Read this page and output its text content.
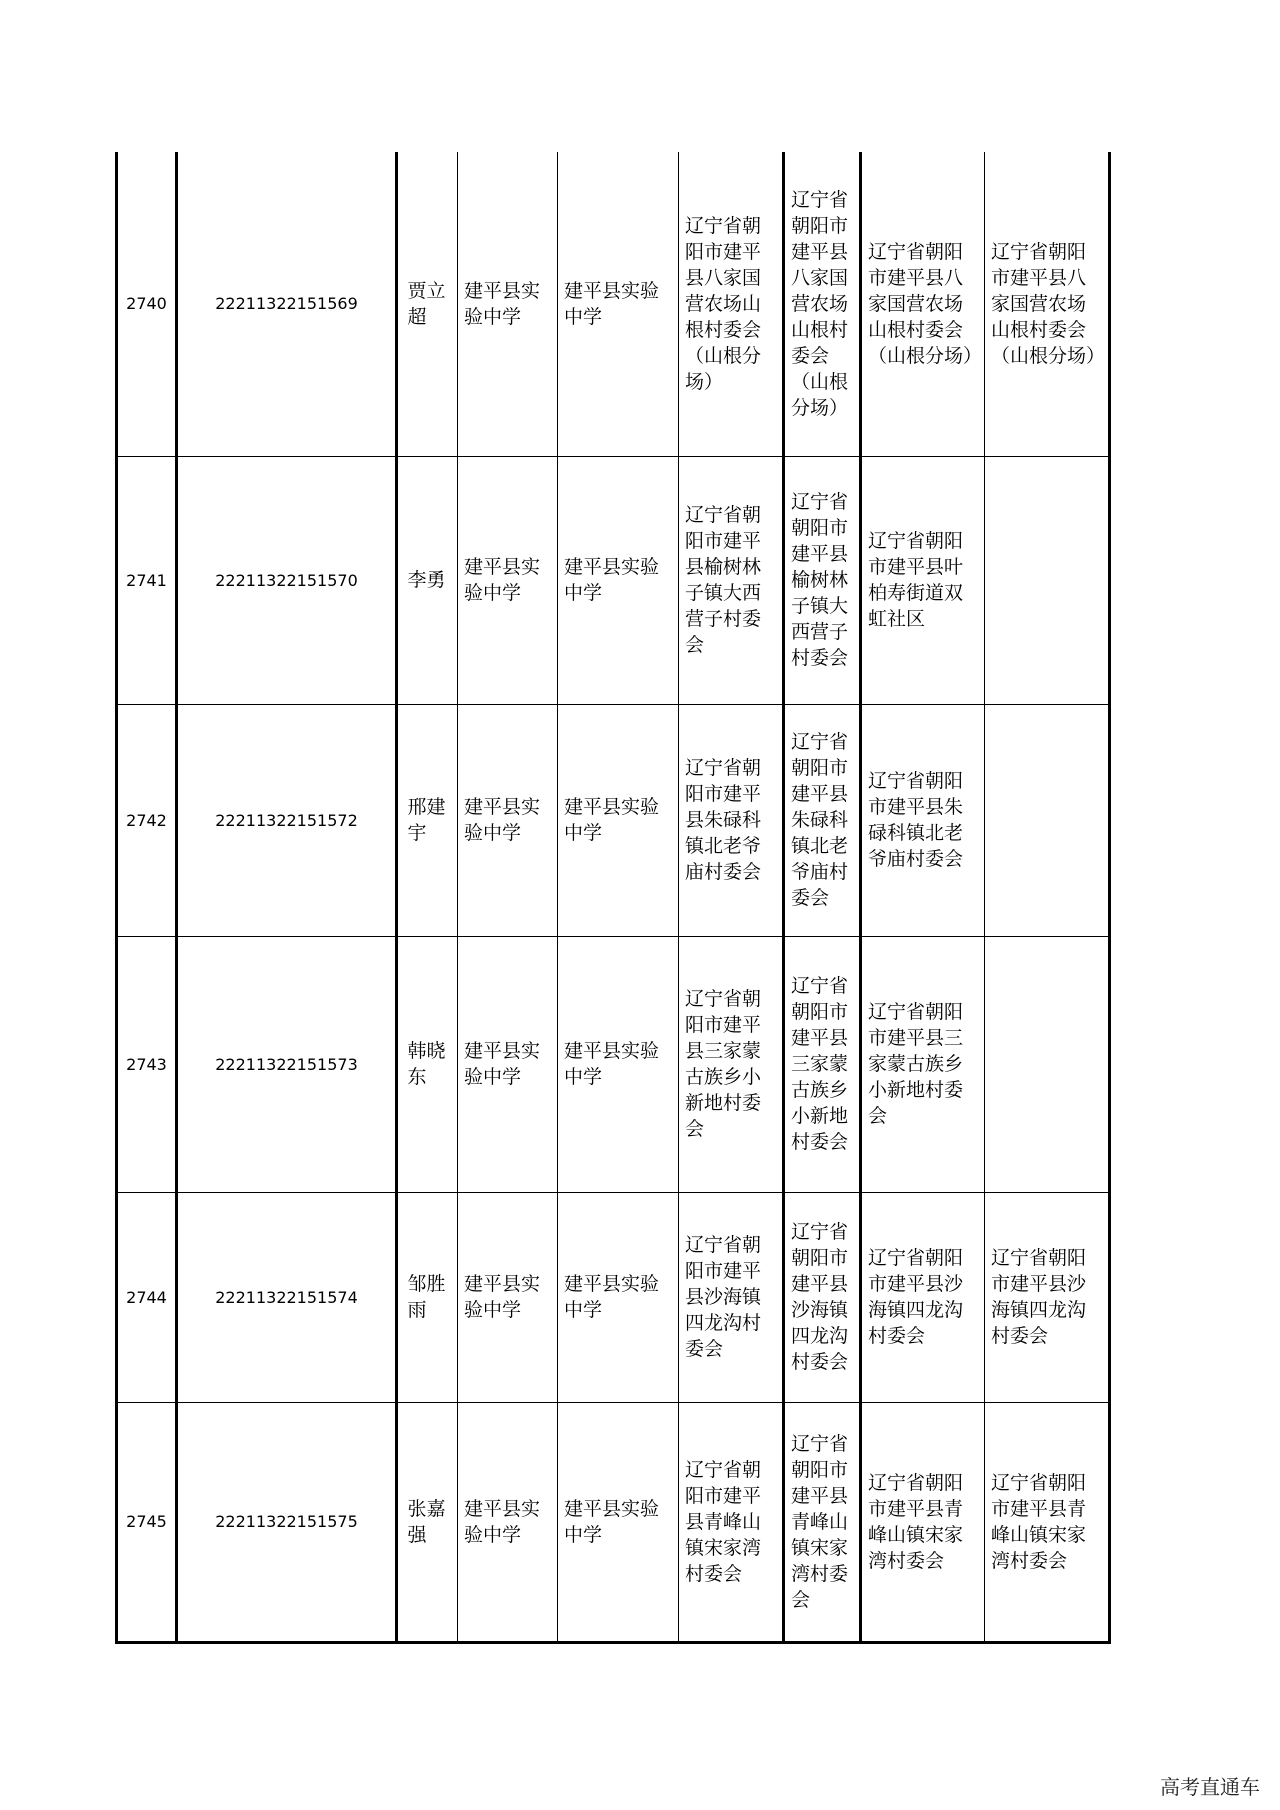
2740	22211322151569	贾立超	建平县实验中学	建平县实验中学	辽宁省朝阳市建平县八家国营农场山根村委会（山根分场）	辽宁省朝阳市建平县八家国营农场山根村委会（山根分场）	辽宁省朝阳市建平县八家国营农场山根村委会（山根分场）	辽宁省朝阳市建平县八家国营农场山根村委会（山根分场）
2741	22211322151570	李勇	建平县实验中学	建平县实验中学	辽宁省朝阳市建平县榆树林子镇大西营子村委会	辽宁省朝阳市建平县榆树林子镇大西营子村委会	辽宁省朝阳市建平县叶柏寿街道双虹社区	
2742	22211322151572	邢建宇	建平县实验中学	建平县实验中学	辽宁省朝阳市建平县朱碌科镇北老爷庙村委会	辽宁省朝阳市建平县朱碌科镇北老爷庙村委会	辽宁省朝阳市建平县朱碌科镇北老爷庙村委会	
2743	22211322151573	韩晓东	建平县实验中学	建平县实验中学	辽宁省朝阳市建平县三家蒙古族乡小新地村委会	辽宁省朝阳市建平县三家蒙古族乡小新地村委会	辽宁省朝阳市建平县三家蒙古族乡小新地村委会	
2744	22211322151574	邹胜雨	建平县实验中学	建平县实验中学	辽宁省朝阳市建平县沙海镇四龙沟村委会	辽宁省朝阳市建平县沙海镇四龙沟村委会	辽宁省朝阳市建平县沙海镇四龙沟村委会	辽宁省朝阳市建平县沙海镇四龙沟村委会
2745	22211322151575	张嘉强	建平县实验中学	建平县实验中学	辽宁省朝阳市建平县青峰山镇宋家湾村委会	辽宁省朝阳市建平县青峰山镇宋家湾村委会	辽宁省朝阳市建平县青峰山镇宋家湾村委会	辽宁省朝阳市建平县青峰山镇宋家湾村委会
高考直通车
